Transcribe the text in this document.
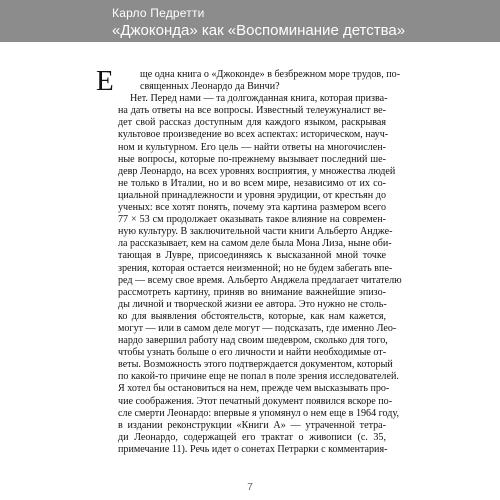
Карло Педретти
«Джоконда» как «Воспоминание детства»
Е	ще одна книга о «Джоконде» в безбрежном море трудов, по-
священных Леонардо да Винчи?
Нет. Перед нами — та долгожданная книга, которая призва-
на дать ответы на все вопросы. Известный телеужуналист ве-
дет свой рассказ доступным для каждого языком, раскрывая
культовое произведение во всех аспектах: историческом, науч-
ном и культурном. Его цель — найти ответы на многочислен-
ные вопросы, которые по-прежнему вызывает последний ше-
девр Леонардо, на всех уровнях восприятия, у множества людей
не только в Италии, но и во всем мире, независимо от их со-
циальной принадлежности и уровня эрудиции, от крестьян до
ученых: все хотят понять, почему эта картина размером всего
77 × 53 см продолжает оказывать такое влияние на современ-
ную культуру. В заключительной части книги Альберто Андже-
ла рассказывает, кем на самом деле была Мона Лиза, ныне оби-
тающая в Лувре, присоединяясь к высказанной мной точке
зрения, которая остается неизменной; но не будем забегать впе-
ред — всему свое время. Альберто Анджела предлагает читателю
рассмотреть картину, приняв во внимание важнейшие эпизо-
ды личной и творческой жизни ее автора. Это нужно не столь-
ко для выявления обстоятельств, которые, как нам кажется,
могут — или в самом деле могут — подсказать, где именно Лео-
нардо завершил работу над своим шедевром, сколько для того,
чтобы узнать больше о его личности и найти необходимые от-
веты. Возможность этого подтверждается документом, который
по какой-то причине еще не попал в поле зрения исследователей.
Я хотел бы остановиться на нем, прежде чем высказывать про-
чие соображения. Этот печатный документ появился вскоре по-
сле смерти Леонардо: впервые я упомянул о нем еще в 1964 году,
в издании реконструкции «Книги А» — утраченной тетра-
ди Леонардо, содержащей его трактат о живописи (с. 35,
примечание 11). Речь идет о сонетах Петрарки с комментария-
7
